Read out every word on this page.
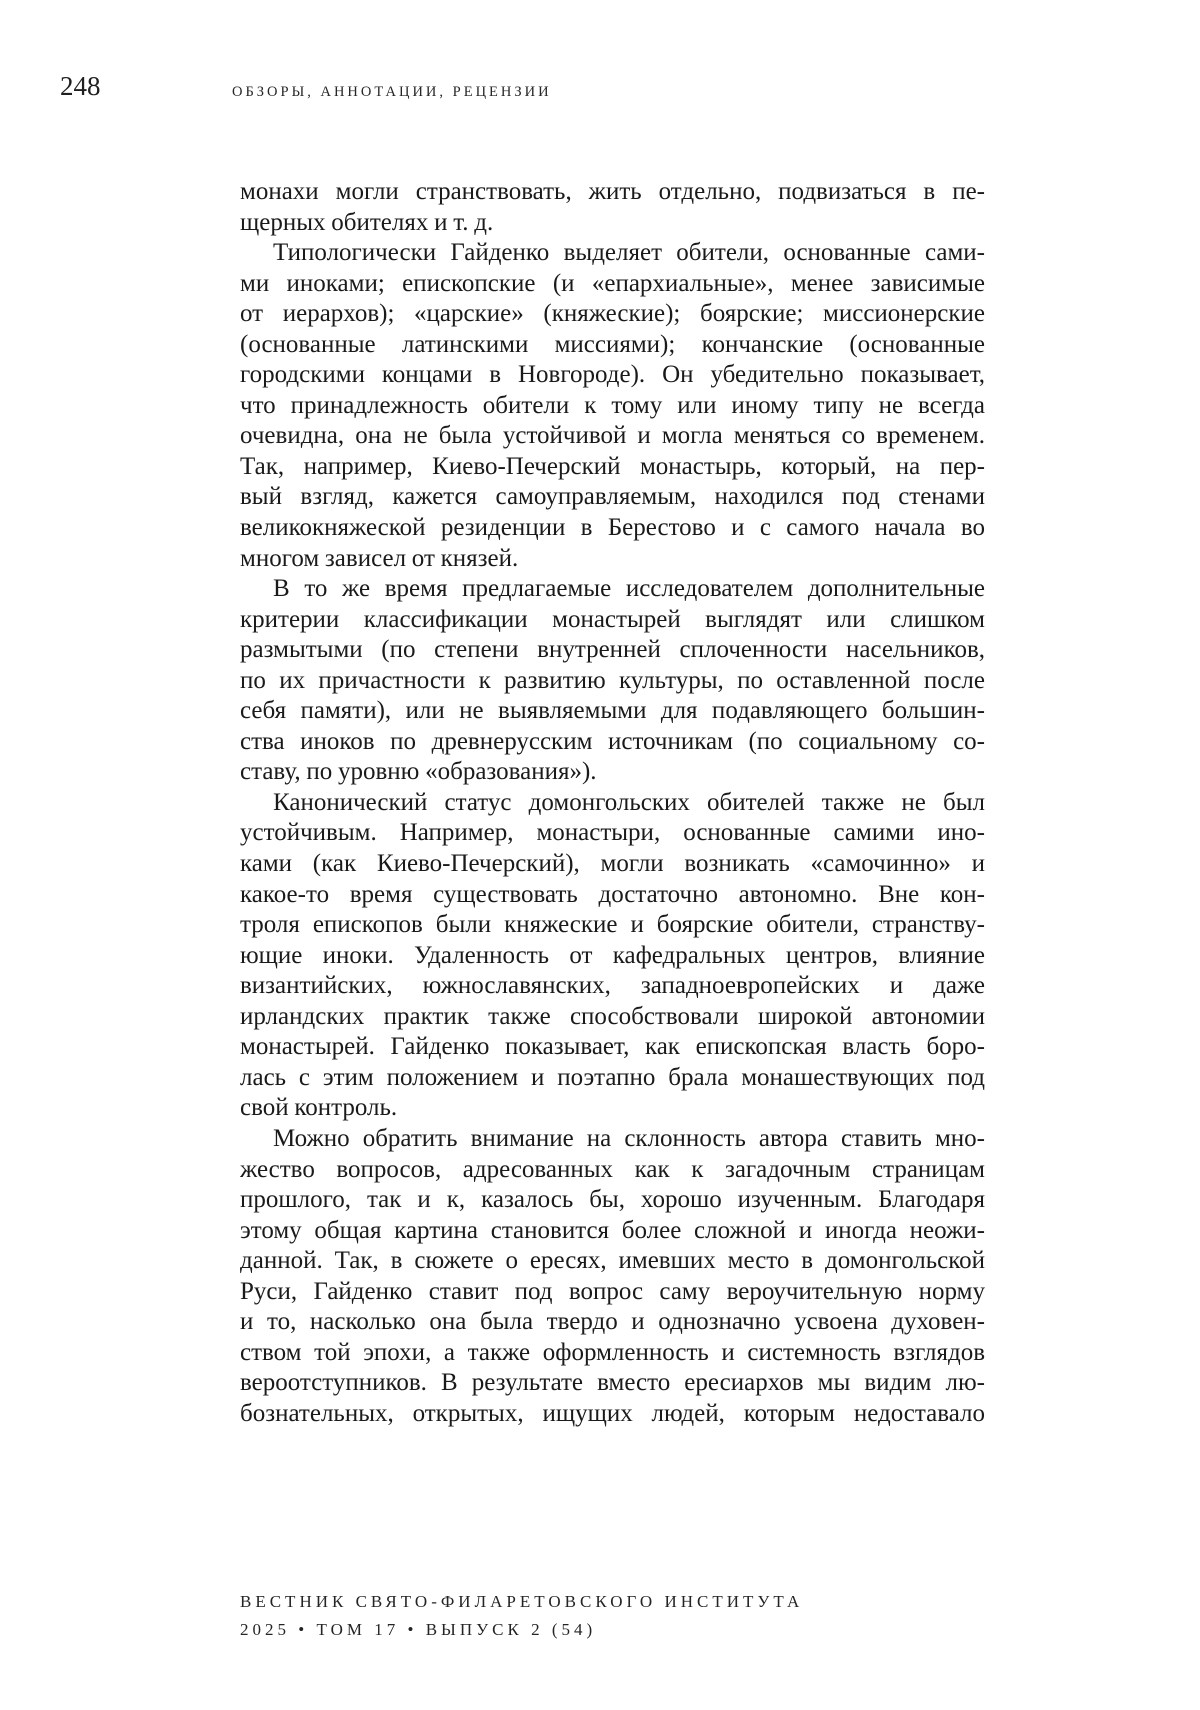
248	ОБЗОРЫ, АННОТАЦИИ, РЕЦЕНЗИИ
монахи могли странствовать, жить отдельно, подвизаться в пе-
щерных обителях и т. д.
Типологически Гайденко выделяет обители, основанные сами-
ми иноками; епископские (и «епархиальные», менее зависимые
от иерархов); «царские» (княжеские); боярские; миссионерские
(основанные латинскими миссиями); кончанские (основанные
городскими концами в Новгороде). Он убедительно показывает,
что принадлежность обители к тому или иному типу не всегда
очевидна, она не была устойчивой и могла меняться со временем.
Так, например, Киево-Печерский монастырь, который, на пер-
вый взгляд, кажется самоуправляемым, находился под стенами
великокняжеской резиденции в Берестово и с самого начала во
многом зависел от князей.
В то же время предлагаемые исследователем дополнительные
критерии классификации монастырей выглядят или слишком
размытыми (по степени внутренней сплоченности насельников,
по их причастности к развитию культуры, по оставленной после
себя памяти), или не выявляемыми для подавляющего большин-
ства иноков по древнерусским источникам (по социальному со-
ставу, по уровню «образования»).
Канонический статус домонгольских обителей также не был
устойчивым. Например, монастыри, основанные самими ино-
ками (как Киево-Печерский), могли возникать «самочинно» и
какое-то время существовать достаточно автономно. Вне кон-
троля епископов были княжеские и боярские обители, странству-
ющие иноки. Удаленность от кафедральных центров, влияние
византийских, южнославянских, западноевропейских и даже
ирландских практик также способствовали широкой автономии
монастырей. Гайденко показывает, как епископская власть боро-
лась с этим положением и поэтапно брала монашествующих под
свой контроль.
Можно обратить внимание на склонность автора ставить мно-
жество вопросов, адресованных как к загадочным страницам
прошлого, так и к, казалось бы, хорошо изученным. Благодаря
этому общая картина становится более сложной и иногда неожи-
данной. Так, в сюжете о ересях, имевших место в домонгольской
Руси, Гайденко ставит под вопрос саму вероучительную норму
и то, насколько она была твердо и однозначно усвоена духовен-
ством той эпохи, а также оформленность и системность взглядов
вероотступников. В результате вместо ересиархов мы видим лю-
бознательных, открытых, ищущих людей, которым недоставало
ВЕСТНИК СВЯТО-ФИЛАРЕТОВСКОГО ИНСТИТУТА
2025 • ТОМ 17 • ВЫПУСК 2 (54)
